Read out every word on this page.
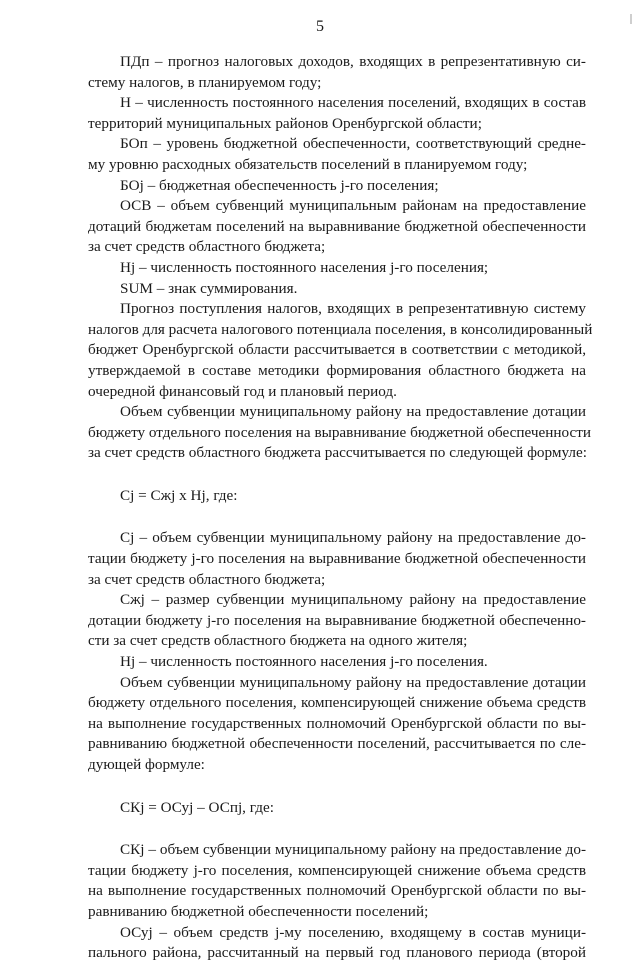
5
ПДп – прогноз налоговых доходов, входящих в репрезентативную си-
стему налогов, в планируемом году;
Н – численность постоянного населения поселений, входящих в состав
территорий муниципальных районов Оренбургской области;
БОп – уровень бюджетной обеспеченности, соответствующий средне-
му уровню расходных обязательств поселений в планируемом году;
БОj – бюджетная обеспеченность j-го поселения;
ОСВ – объем субвенций муниципальным районам на предоставление
дотаций бюджетам поселений на выравнивание бюджетной обеспеченности
за счет средств областного бюджета;
Нj – численность постоянного населения j-го поселения;
SUM – знак суммирования.
Прогноз поступления налогов, входящих в репрезентативную систему
налогов для расчета налогового потенциала поселения, в консолидированный
бюджет Оренбургской области рассчитывается в соответствии с методикой,
утверждаемой в составе методики формирования областного бюджета на
очередной финансовый год и плановый период.
Объем субвенции муниципальному району на предоставление дотации
бюджету отдельного поселения на выравнивание бюджетной обеспеченности
за счет средств областного бюджета рассчитывается по следующей формуле:
Сj = Сжj х Нj, где:
Сj – объем субвенции муниципальному району на предоставление до-
тации бюджету j-го поселения на выравнивание бюджетной обеспеченности
за счет средств областного бюджета;
Сжj – размер субвенции муниципальному району на предоставление
дотации бюджету j-го поселения на выравнивание бюджетной обеспеченно-
сти за счет средств областного бюджета на одного жителя;
Нj – численность постоянного населения j-го поселения.
Объем субвенции муниципальному району на предоставление дотации
бюджету отдельного поселения, компенсирующей снижение объема средств
на выполнение государственных полномочий Оренбургской области по вы-
равниванию бюджетной обеспеченности поселений, рассчитывается по сле-
дующей формуле:
СКj = ОСуj – ОСпj, где:
СКj – объем субвенции муниципальному району на предоставление до-
тации бюджету j-го поселения, компенсирующей снижение объема средств
на выполнение государственных полномочий Оренбургской области по вы-
равниванию бюджетной обеспеченности поселений;
ОСуj – объем средств j-му поселению, входящему в состав муници-
пального района, рассчитанный на первый год планового периода (второй
